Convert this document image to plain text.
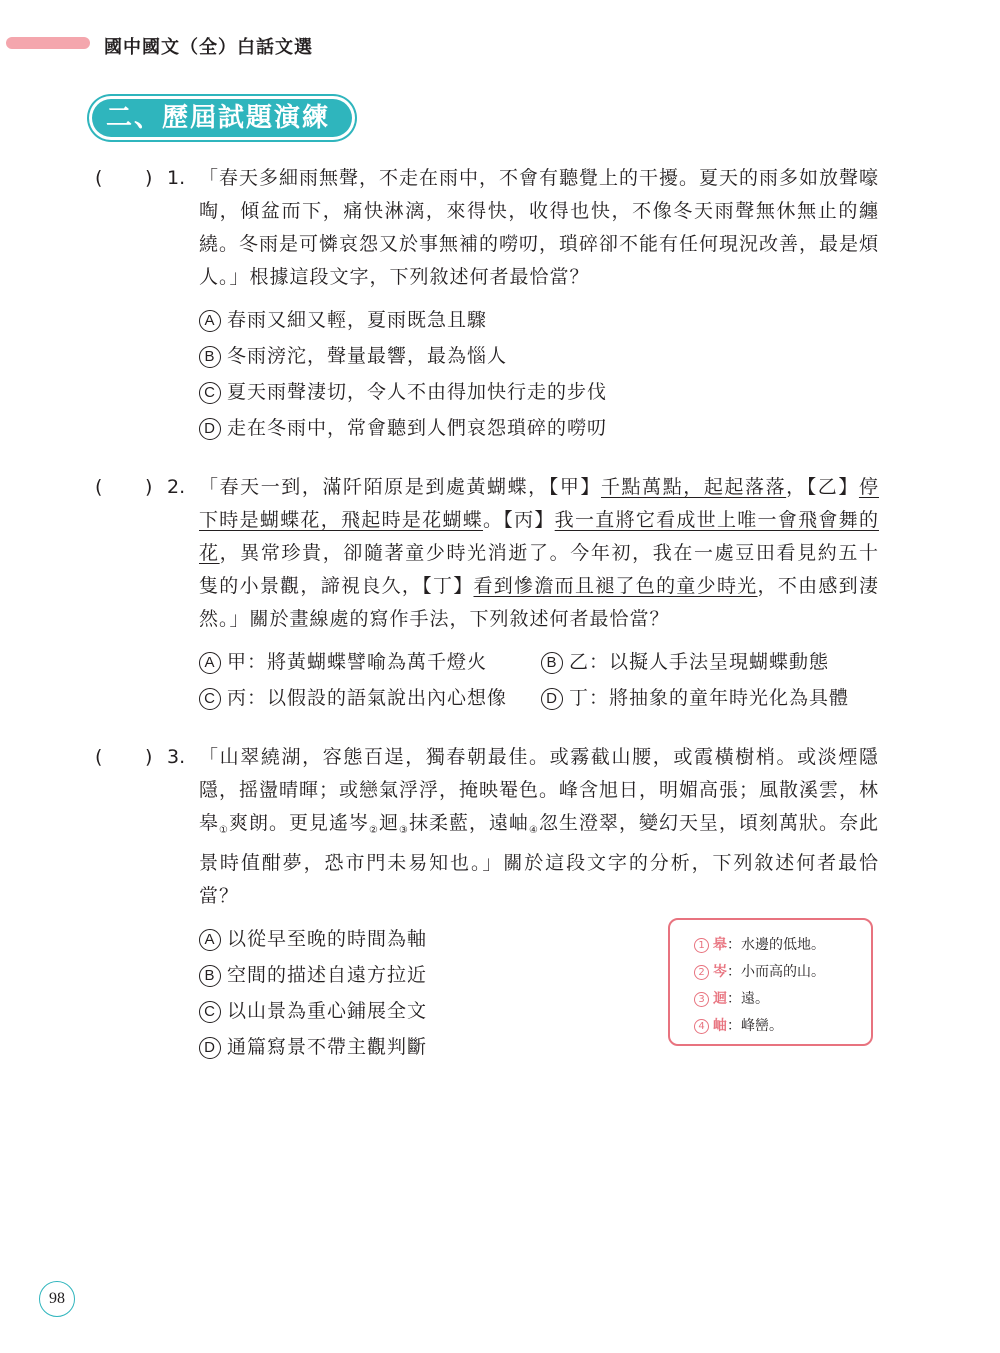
國中國文（全）白話文選
二、歷屆試題演練
( ) 1. 「春天多細雨無聲，不走在雨中，不會有聽覺上的干擾。夏天的雨多如放聲嚎啕，傾盆而下，痛快淋漓，來得快，收得也快，不像冬天雨聲無休無止的纏繞。冬雨是可憐哀怨又於事無補的嘮叨，瑣碎卻不能有任何現況改善，最是煩人。」根據這段文字，下列敘述何者最恰當？
A 春雨又細又輕，夏雨既急且驟
B 冬雨滂沱，聲量最響，最為惱人
C 夏天雨聲淒切，令人不由得加快行走的步伐
D 走在冬雨中，常會聽到人們哀怨瑣碎的嘮叨
( ) 2. 「春天一到，滿阡陌原是到處黃蝴蝶，【甲】千點萬點，起起落落，【乙】停下時是蝴蝶花，飛起時是花蝴蝶。【丙】我一直將它看成世上唯一會飛會舞的花，異常珍貴，卻隨著童少時光消逝了。今年初，我在一處豆田看見約五十隻的小景觀，諦視良久，【丁】看到慘澹而且褪了色的童少時光，不由感到淒然。」關於畫線處的寫作手法，下列敘述何者最恰當？
A 甲：將黃蝴蝶譬喻為萬千燈火	B 乙：以擬人手法呈現蝴蝶動態
C 丙：以假設的語氣說出內心想像	D 丁：將抽象的童年時光化為具體
( ) 3. 「山翠繞湖，容態百逞，獨春朝最佳。或霧截山腰，或霞橫樹梢。或淡煙隱隱，摇盪晴暉；或戀氣浮浮，掩映罨色。峰含旭日，明媚高張；風散溪雲，林皋$_①$爽朗。更見遙岑$_②$迴$_③$抹柔藍，遠岫$_④$忽生澄翠，變幻天呈，頃刻萬狀。奈此景時值酣夢，恐市門未易知也。」關於這段文字的分析，下列敘述何者最恰當？
A 以從早至晚的時間為軸
B 空間的描述自遠方拉近
C 以山景為重心鋪展全文
D 通篇寫景不帶主觀判斷
1 皋：水邊的低地。
2 岑：小而高的山。
3 迴：遠。
4 岫：峰巒。
98
